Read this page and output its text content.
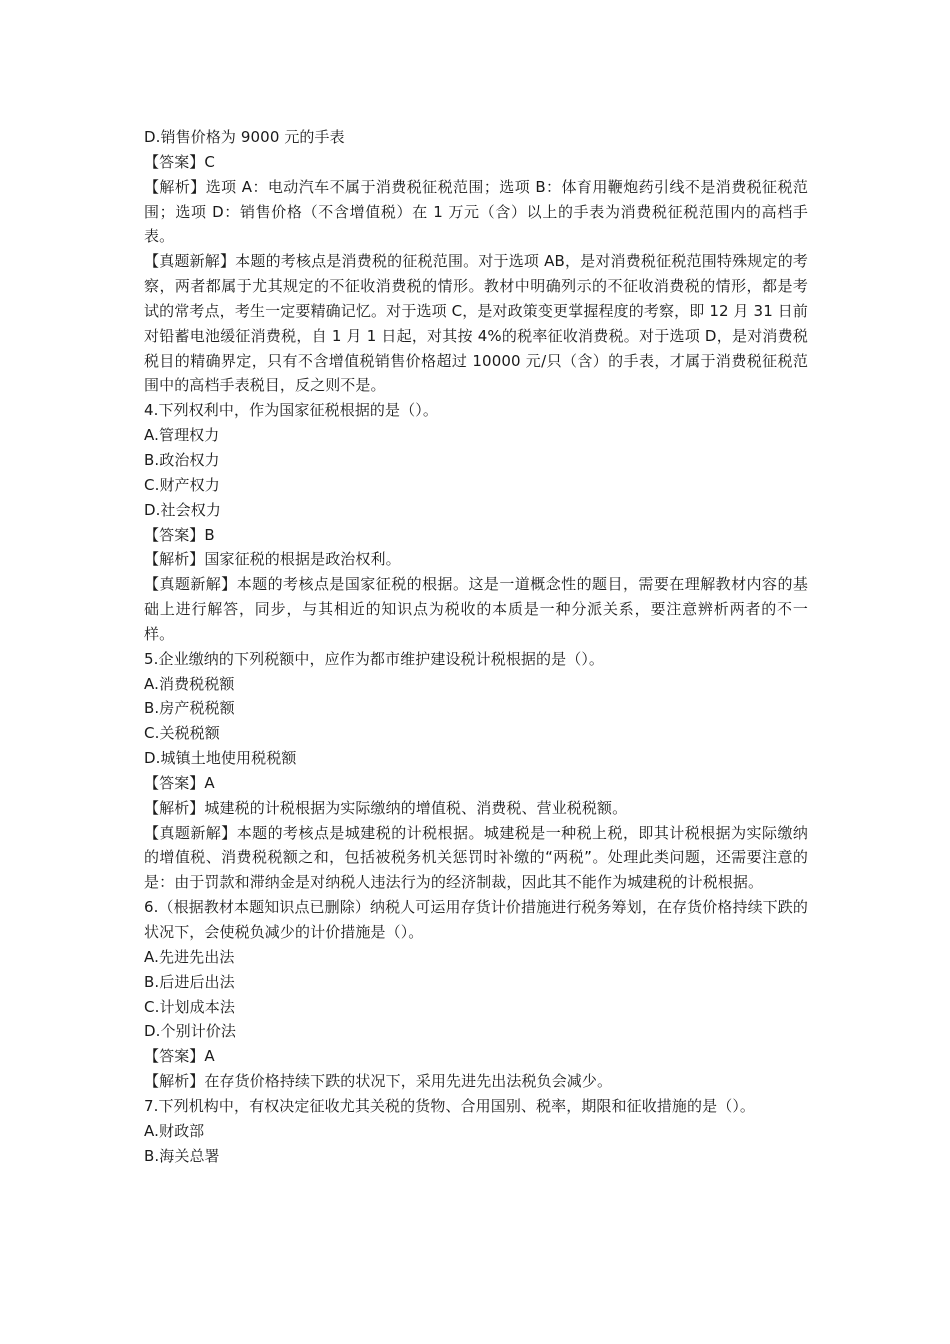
D.销售价格为 9000 元的手表

【答案】C

【解析】选项 A：电动汽车不属于消费税征税范围；选项 B：体育用鞭炮药引线不是消费税征税范围；选项 D：销售价格（不含增值税）在 1 万元（含）以上的手表为消费税征税范围内的高档手表。

【真题新解】本题的考核点是消费税的征税范围。对于选项 AB，是对消费税征税范围特殊规定的考察，两者都属于尤其规定的不征收消费税的情形。教材中明确列示的不征收消费税的情形，都是考试的常考点，考生一定要精确记忆。对于选项 C，是对政策变更掌握程度的考察，即 12 月 31 日前对铅蓄电池缓征消费税，自 1 月 1 日起，对其按 4%的税率征收消费税。对于选项 D，是对消费税税目的精确界定，只有不含增值税销售价格超过 10000 元/只（含）的手表，才属于消费税征税范围中的高档手表税目，反之则不是。

4.下列权利中，作为国家征税根据的是（）。

A.管理权力

B.政治权力

C.财产权力

D.社会权力

【答案】B

【解析】国家征税的根据是政治权利。

【真题新解】本题的考核点是国家征税的根据。这是一道概念性的题目，需要在理解教材内容的基础上进行解答，同步，与其相近的知识点为税收的本质是一种分派关系，要注意辨析两者的不一样。

5.企业缴纳的下列税额中，应作为都市维护建设税计税根据的是（）。

A.消费税税额

B.房产税税额

C.关税税额

D.城镇土地使用税税额

【答案】A

【解析】城建税的计税根据为实际缴纳的增值税、消费税、营业税税额。

【真题新解】本题的考核点是城建税的计税根据。城建税是一种税上税，即其计税根据为实际缴纳的增值税、消费税税额之和，包括被税务机关惩罚时补缴的“两税”。处理此类问题，还需要注意的是：由于罚款和滞纳金是对纳税人违法行为的经济制裁，因此其不能作为城建税的计税根据。

6.（根据教材本题知识点已删除）纳税人可运用存货计价措施进行税务筹划，在存货价格持续下跌的状况下，会使税负减少的计价措施是（）。

A.先进先出法

B.后进后出法

C.计划成本法

D.个别计价法

【答案】A

【解析】在存货价格持续下跌的状况下，采用先进先出法税负会减少。

7.下列机构中，有权决定征收尤其关税的货物、合用国别、税率，期限和征收措施的是（）。

A.财政部

B.海关总署
